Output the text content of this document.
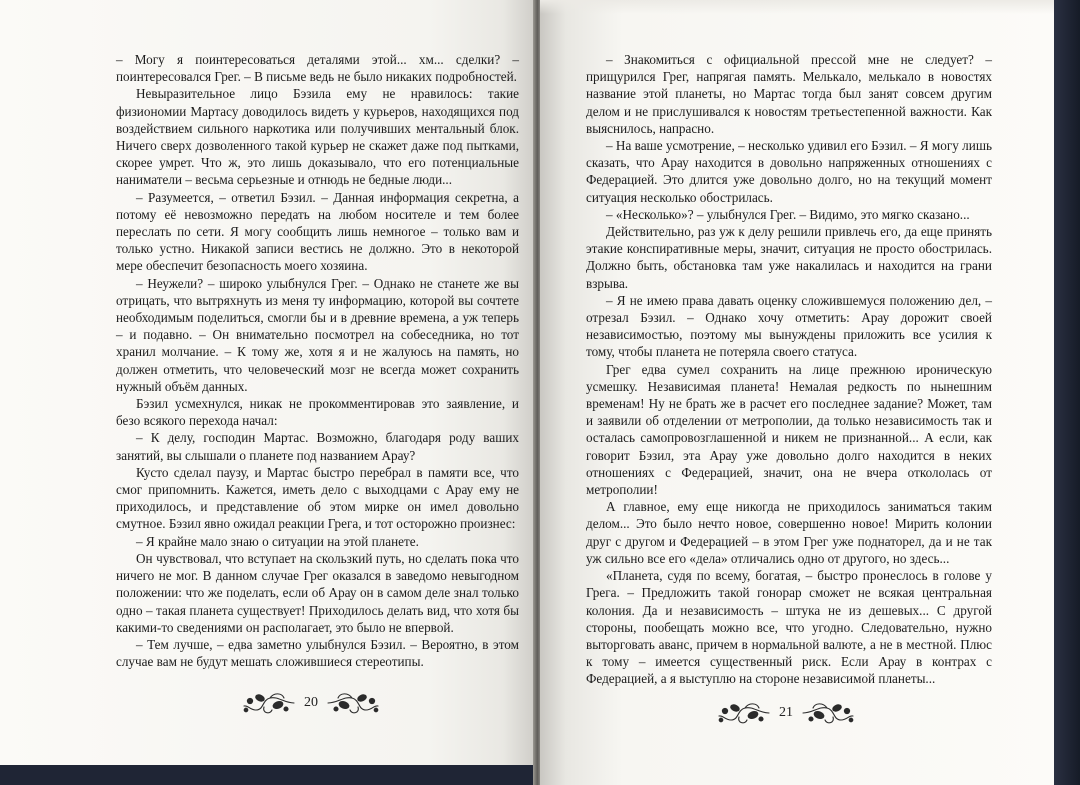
– Могу я поинтересоваться деталями этой... хм... сделки? – поинтересовался Грег. – В письме ведь не было никаких подробностей.

Невыразительное лицо Бэзила ему не нравилось: такие физиономии Мартасу доводилось видеть у курьеров, находящихся под воздействием сильного наркотика или получивших ментальный блок. Ничего сверх дозволенного такой курьер не скажет даже под пытками, скорее умрет. Что ж, это лишь доказывало, что его потенциальные наниматели – весьма серьезные и отнюдь не бедные люди...

– Разумеется, – ответил Бэзил. – Данная информация секретна, а потому её невозможно передать на любом носителе и тем более переслать по сети. Я могу сообщить лишь немногое – только вам и только устно. Никакой записи вестись не должно. Это в некоторой мере обеспечит безопасность моего хозяина.

– Неужели? – широко улыбнулся Грег. – Однако не станете же вы отрицать, что вытряхнуть из меня ту информацию, которой вы сочтете необходимым поделиться, смогли бы и в древние времена, а уж теперь – и подавно. – Он внимательно посмотрел на собеседника, но тот хранил молчание. – К тому же, хотя я и не жалуюсь на память, но должен отметить, что человеческий мозг не всегда может сохранить нужный объём данных.

Бэзил усмехнулся, никак не прокомментировав это заявление, и безо всякого перехода начал:

– К делу, господин Мартас. Возможно, благодаря роду ваших занятий, вы слышали о планете под названием Арау?

Кусто сделал паузу, и Мартас быстро перебрал в памяти все, что смог припомнить. Кажется, иметь дело с выходцами с Арау ему не приходилось, и представление об этом мирке он имел довольно смутное. Бэзил явно ожидал реакции Грега, и тот осторожно произнес:

– Я крайне мало знаю о ситуации на этой планете.

Он чувствовал, что вступает на скользкий путь, но сделать пока что ничего не мог. В данном случае Грег оказался в заведомо невыгодном положении: что же поделать, если об Арау он в самом деле знал только одно – такая планета существует! Приходилось делать вид, что хотя бы какими-то сведениями он располагает, это было не впервой.

– Тем лучше, – едва заметно улыбнулся Бэзил. – Вероятно, в этом случае вам не будут мешать сложившиеся стереотипы.

20

– Знакомиться с официальной прессой мне не следует? – прищурился Грег, напрягая память. Мелькало, мелькало в новостях название этой планеты, но Мартас тогда был занят совсем другим делом и не прислушивался к новостям третьестепенной важности. Как выяснилось, напрасно.

– На ваше усмотрение, – несколько удивил его Бэзил. – Я могу лишь сказать, что Арау находится в довольно напряженных отношениях с Федерацией. Это длится уже довольно долго, но на текущий момент ситуация несколько обострилась.

– «Несколько»? – улыбнулся Грег. – Видимо, это мягко сказано...

Действительно, раз уж к делу решили привлечь его, да еще принять этакие конспиративные меры, значит, ситуация не просто обострилась. Должно быть, обстановка там уже накалилась и находится на грани взрыва.

– Я не имею права давать оценку сложившемуся положению дел, – отрезал Бэзил. – Однако хочу отметить: Арау дорожит своей независимостью, поэтому мы вынуждены приложить все усилия к тому, чтобы планета не потеряла своего статуса.

Грег едва сумел сохранить на лице прежнюю ироническую усмешку. Независимая планета! Немалая редкость по нынешним временам! Ну не брать же в расчет его последнее задание? Может, там и заявили об отделении от метрополии, да только независимость так и осталась самопровозглашенной и никем не признанной... А если, как говорит Бэзил, эта Арау уже довольно долго находится в неких отношениях с Федерацией, значит, она не вчера откололась от метрополии!

А главное, ему еще никогда не приходилось заниматься таким делом... Это было нечто новое, совершенно новое! Мирить колонии друг с другом и Федерацией – в этом Грег уже поднаторел, да и не так уж сильно все его «дела» отличались одно от другого, но здесь...

«Планета, судя по всему, богатая, – быстро пронеслось в голове у Грега. – Предложить такой гонорар сможет не всякая центральная колония. Да и независимость – штука не из дешевых... С другой стороны, пообещать можно все, что угодно. Следовательно, нужно выторговать аванс, причем в нормальной валюте, а не в местной. Плюс к тому – имеется существенный риск. Если Арау в контрах с Федерацией, а я выступлю на стороне независимой планеты...

21
